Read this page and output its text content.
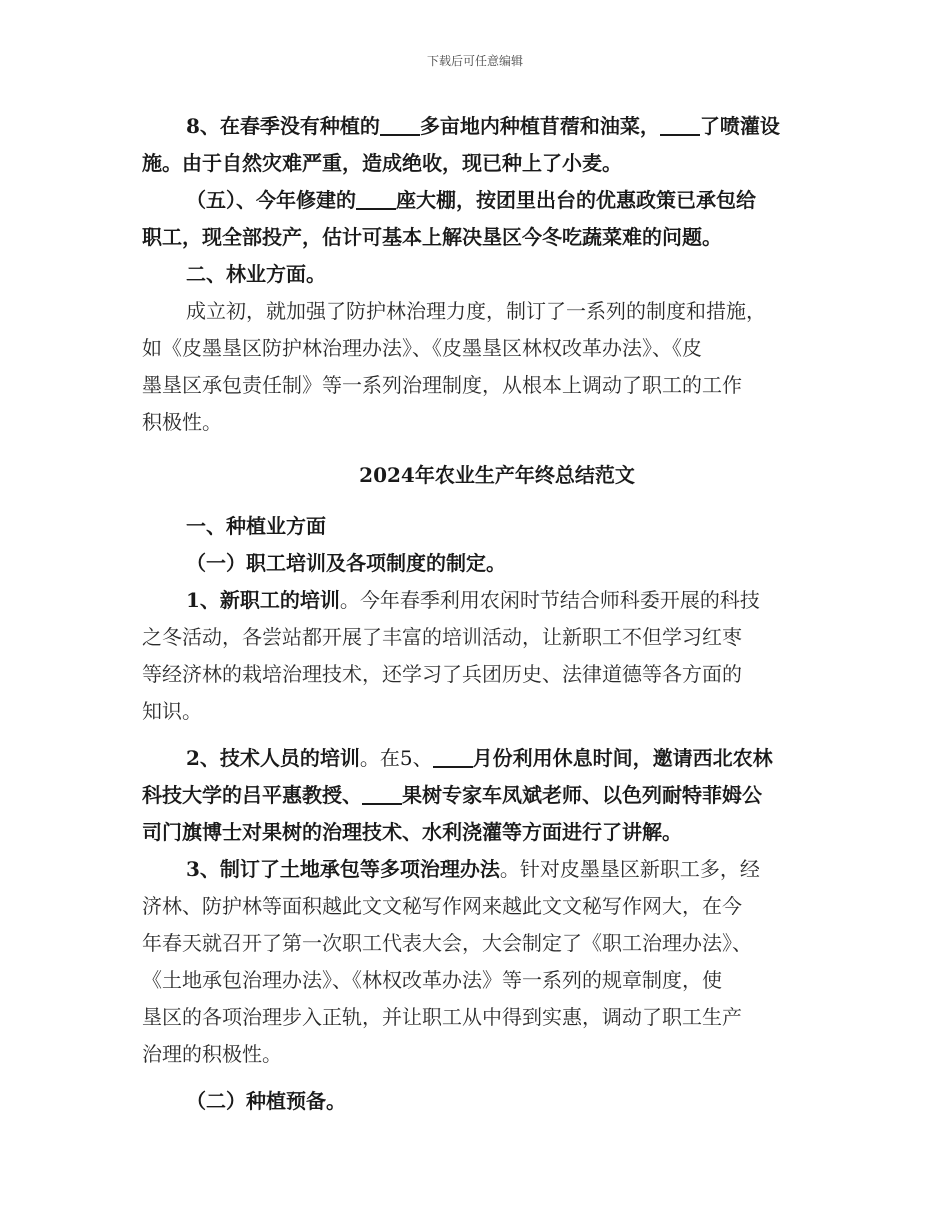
下载后可任意编辑
8、在春季没有种植的 多亩地内种植苜蓿和油菜， 了喷灌设
施。由于自然灾难严重，造成绝收，现已种上了小麦。
（五）、今年修建的 座大棚，按团里出台的优惠政策已承包给
职工，现全部投产，估计可基本上解决垦区今冬吃蔬菜难的问题。
二、林业方面。
成立初，就加强了防护林治理力度，制订了一系列的制度和措施，
如《皮墨垦区防护林治理办法》、《皮墨垦区林权改革办法》、《皮
墨垦区承包责任制》等一系列治理制度，从根本上调动了职工的工作
积极性。
2024年农业生产年终总结范文
一、种植业方面
（一）职工培训及各项制度的制定。
1、新职工的培训。今年春季利用农闲时节结合师科委开展的科技
之冬活动，各尝站都开展了丰富的培训活动，让新职工不但学习红枣
等经济林的栽培治理技术，还学习了兵团历史、法律道德等各方面的
知识。
2、技术人员的培训。在5、 月份利用休息时间，邀请西北农林
科技大学的吕平惠教授、 果树专家车凤斌老师、以色列耐特菲姆公
司门旗博士对果树的治理技术、水利浇灌等方面进行了讲解。
3、制订了土地承包等多项治理办法。针对皮墨垦区新职工多，经
济林、防护林等面积越此文文秘写作网来越此文文秘写作网大，在今
年春天就召开了第一次职工代表大会，大会制定了《职工治理办法》、
《土地承包治理办法》、《林权改革办法》等一系列的规章制度，使
垦区的各项治理步入正轨，并让职工从中得到实惠，调动了职工生产
治理的积极性。
（二）种植预备。
